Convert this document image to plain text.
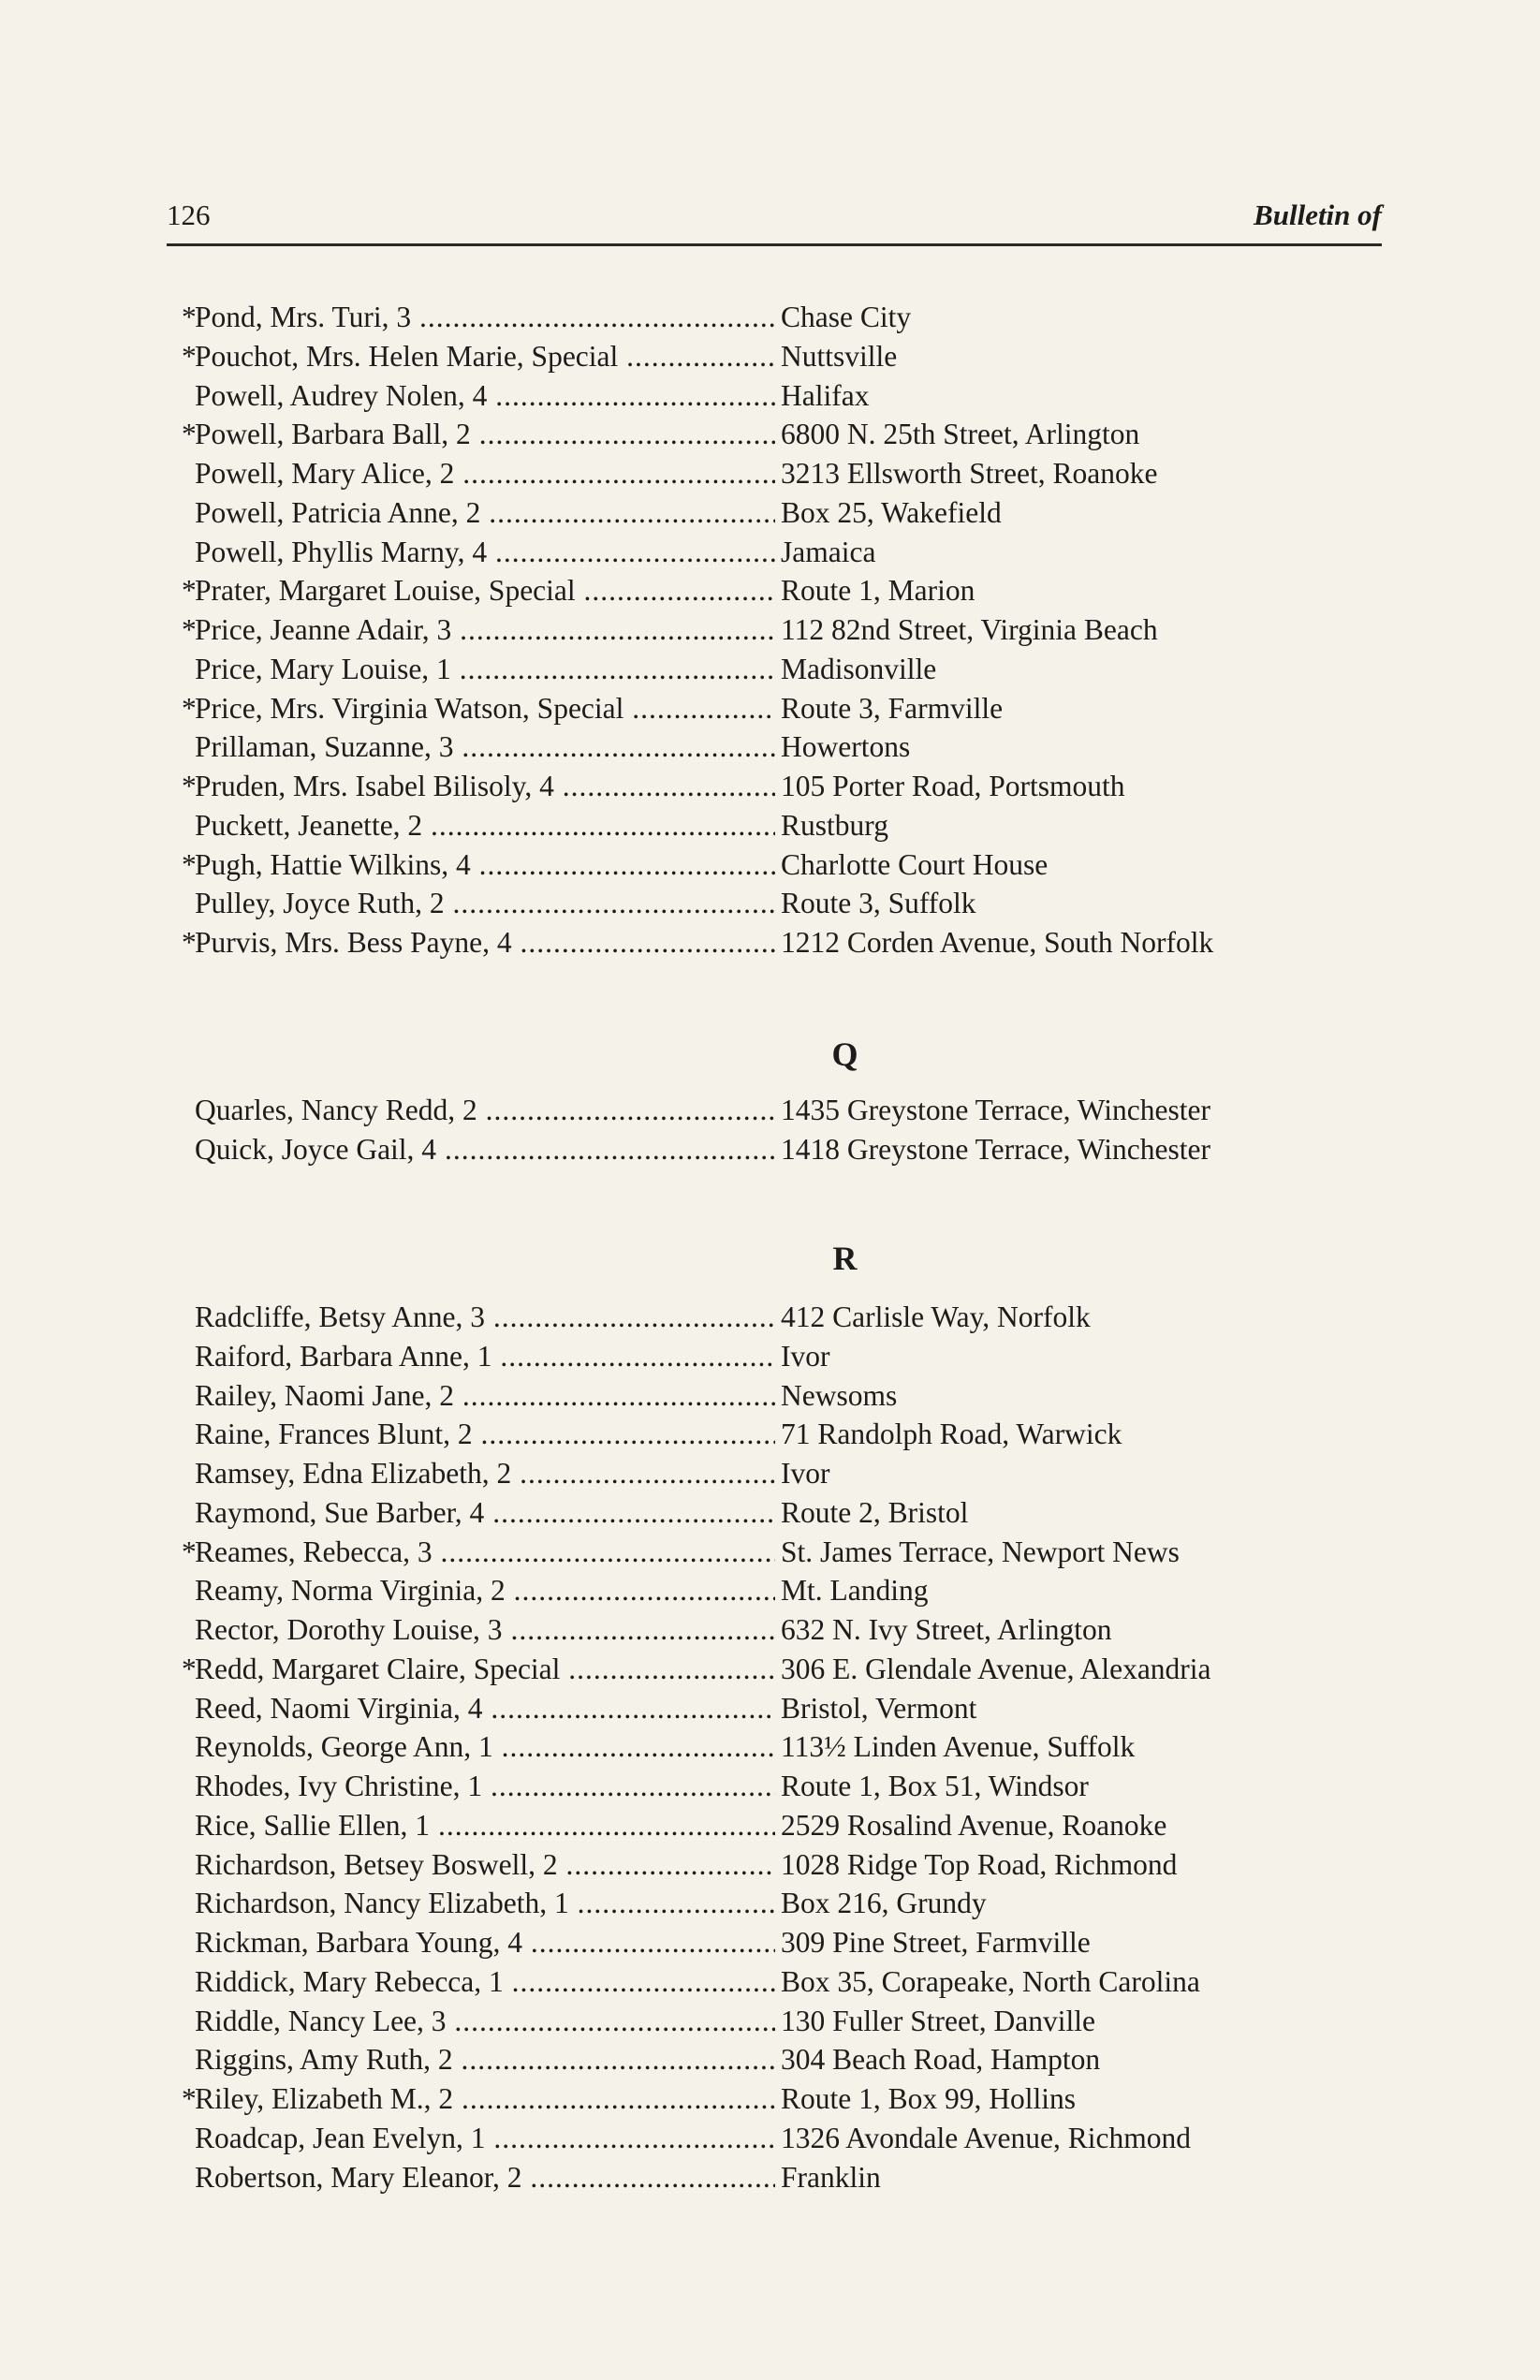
126	Bulletin of
*
Pond, Mrs. Turi, 3 .....	Chase City
*
Pouchot, Mrs. Helen Marie, Special .....	Nuttsville
Powell, Audrey Nolen, 4 .....	Halifax
*
Powell, Barbara Ball, 2 .....	6800 N. 25th Street, Arlington
Powell, Mary Alice, 2 .....	3213 Ellsworth Street, Roanoke
Powell, Patricia Anne, 2 .....	Box 25, Wakefield
Powell, Phyllis Marny, 4 .....	Jamaica
*
Prater, Margaret Louise, Special .....	Route 1, Marion
*
Price, Jeanne Adair, 3 .....	112 82nd Street, Virginia Beach
Price, Mary Louise, 1 .....	Madisonville
*
Price, Mrs. Virginia Watson, Special .....	Route 3, Farmville
Prillaman, Suzanne, 3 .....	Howertons
*
Pruden, Mrs. Isabel Bilisoly, 4 .....	105 Porter Road, Portsmouth
Puckett, Jeanette, 2 .....	Rustburg
*
Pugh, Hattie Wilkins, 4 .....	Charlotte Court House
Pulley, Joyce Ruth, 2 .....	Route 3, Suffolk
*
Purvis, Mrs. Bess Payne, 4 .....	1212 Corden Avenue, South Norfolk
Q
Quarles, Nancy Redd, 2 .....	1435 Greystone Terrace, Winchester
Quick, Joyce Gail, 4 .....	1418 Greystone Terrace, Winchester
R
Radcliffe, Betsy Anne, 3 .....	412 Carlisle Way, Norfolk
Raiford, Barbara Anne, 1 .....	Ivor
Railey, Naomi Jane, 2 .....	Newsoms
Raine, Frances Blunt, 2 .....	71 Randolph Road, Warwick
Ramsey, Edna Elizabeth, 2 .....	Ivor
Raymond, Sue Barber, 4 .....	Route 2, Bristol
*
Reames, Rebecca, 3 .....	St. James Terrace, Newport News
Reamy, Norma Virginia, 2 .....	Mt. Landing
Rector, Dorothy Louise, 3 .....	632 N. Ivy Street, Arlington
*
Redd, Margaret Claire, Special .....	306 E. Glendale Avenue, Alexandria
Reed, Naomi Virginia, 4 .....	Bristol, Vermont
Reynolds, George Ann, 1 .....	113½ Linden Avenue, Suffolk
Rhodes, Ivy Christine, 1 .....	Route 1, Box 51, Windsor
Rice, Sallie Ellen, 1 .....	2529 Rosalind Avenue, Roanoke
Richardson, Betsey Boswell, 2 .....	1028 Ridge Top Road, Richmond
Richardson, Nancy Elizabeth, 1 .....	Box 216, Grundy
Rickman, Barbara Young, 4 .....	309 Pine Street, Farmville
Riddick, Mary Rebecca, 1 .....	Box 35, Corapeake, North Carolina
Riddle, Nancy Lee, 3 .....	130 Fuller Street, Danville
Riggins, Amy Ruth, 2 .....	304 Beach Road, Hampton
*
Riley, Elizabeth M., 2 .....	Route 1, Box 99, Hollins
Roadcap, Jean Evelyn, 1 .....	1326 Avondale Avenue, Richmond
Robertson, Mary Eleanor, 2 .....	Franklin
